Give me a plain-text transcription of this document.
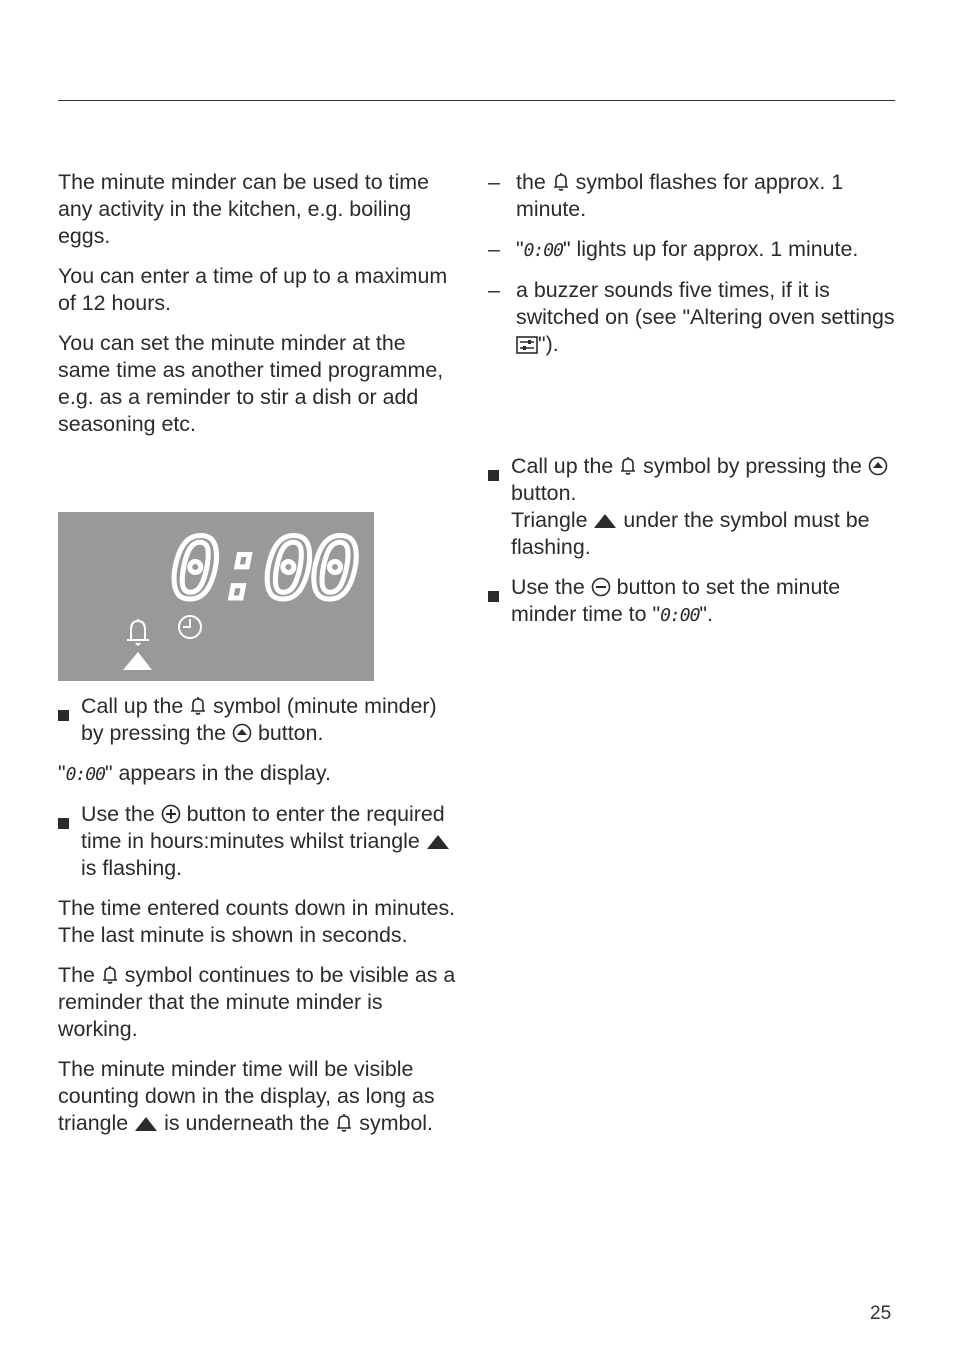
The minute minder can be used to time any activity in the kitchen, e.g. boiling eggs.

You can enter a time of up to a maximum of 12 hours.

You can set the minute minder at the same time as another timed programme, e.g. as a reminder to stir a dish or add seasoning etc.

0:00
Call up the symbol (minute minder) by pressing the button.

"0:00" appears in the display.

Use the button to enter the required time in hours:minutes whilst triangle  is flashing.

The time entered counts down in minutes.
The last minute is shown in seconds.

The symbol continues to be visible as a reminder that the minute minder is working.

The minute minder time will be visible counting down in the display, as long as triangle is underneath the symbol.

– the symbol flashes for approx. 1 minute.
– "0:00" lights up for approx. 1 minute.
– a buzzer sounds five times, if it is switched on (see "Altering oven settings ").
Call up the symbol by pressing the  button.
Triangle under the symbol must be flashing.
Use the button to set the minute minder time to "0:00".
25
